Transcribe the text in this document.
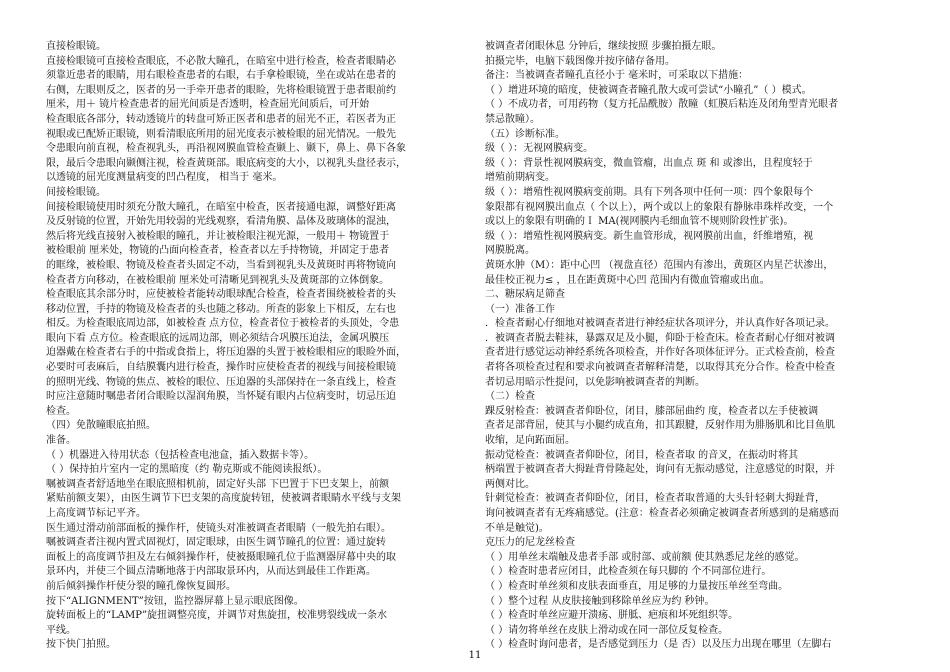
直接检眼镜。
直接检眼镜可直接检查眼底，不必散大瞳孔，在暗室中进行检查，检查者眼睛必
须靠近患者的眼睛，用右眼检查患者的右眼，右手拿检眼镜，坐在或站在患者的
右侧，左眼则反之，医者的另一手牵开患者的眼睑，先将检眼镜置于患者眼前约
厘米，用＋ 镜片检查患者的屈光间质是否透明，检查屈光间质后，可开始
检查眼底各部分，转动透镜片的转盘可矫正医者和患者的屈光不正，若医者为正
视眼或已配矫正眼镜，则看清眼底所用的屈光度表示被检眼的屈光情况。一般先
令患眼向前直视，检查视乳头，再沿视网膜血管检查颞上、颞下，鼻上、鼻下各象
限，最后令患眼向颞侧注视，检查黄斑部。眼底病变的大小，以视乳头盘径表示，
以透镜的屈光度测量病变的凹凸程度， 相当于 毫米。
间接检眼镜。
间接检眼镜使用时须充分散大瞳孔，在暗室中检查，医者接通电源，调整好距离
及反射镜的位置，开始先用较弱的光线观察，看清角膜、晶体及玻璃体的混浊，
然后将光线直接射入被检眼的瞳孔，并让被检眼注视光源，一般用＋ 物镜置于
被检眼前 厘米处，物镜的凸面向检查者，检查者以左手持物镜，并固定于患者
的眶缘，被检眼、物镜及检查者头固定不动，当看到视乳头及黄斑时再将物镜向
检查者方向移动，在被检眼前 厘米处可清晰见到视乳头及黄斑部的立体倒象。
检查眼底其余部分时，应使被检者能转动眼球配合检查，检查者围绕被检者的头
移动位置，手持的物镜及检查者的头也随之移动。所查的影象上下相反，左右也
相反。为检查眼底周边部，如被检查 点方位，检查者位于被检者的头顶处，令患
眼向下看 点方位。检查眼底的远周边部，则必须结合巩膜压迫法，金属巩膜压
迫器戴在检查者右手的中指或食指上，将压迫器的头置于被检眼相应的眼睑外面，
必要时可表麻后，自结膜囊内进行检查，操作时应使检查者的视线与间接检眼镜
的照明光线、物镜的焦点、被检的眼位、压迫器的头部保持在一条直线上，检查
时应注意随时嘱患者闭合眼睑以湿润角膜，当怀疑有眼内占位病变时，切忌压迫
检查。
（四）免散瞳眼底拍照。
准备。
（ ）机器进入待用状态（包括检查电池盒，插入数据卡等）。
（ ）保持拍片室内一定的黑暗度（约 勒克斯或不能阅读报纸）。
嘱被调查者舒适地坐在眼底照相机前，固定好头部 下巴置于下巴支架上，前额
紧贴前额支架），由医生调节下巴支架的高度旋转钮，使被调者眼睛水平线与支架
上高度调节标记平齐。
医生通过滑动前部面板的操作杆，使镜头对准被调查者眼睛（一般先拍右眼）。
嘱被调查者注视内置式固视灯，固定眼球，由医生调节瞳孔的位置：通过旋转
面板上的高度调节担及左右倾斜操作杆，使被摄眼瞳孔位于监测器屏幕中央的取
景环内，并使三个圆点清晰地落于内部取景环内，从而达到最佳工作距离。
前后倾斜操作杆使分裂的瞳孔像恢复圆形。
按下“ALIGNMENT”按钮，监控器屏幕上显示眼底图像。
旋转面板上的“LAMP”旋扭调整亮度，并调节对焦旋扭，校准劈裂线成一条水
平线。
按下快门拍照。
被调查者闭眼休息 分钟后，继续按照 步骤拍摄左眼。
拍摄完毕，电脑下载图像并按序储存备用。
备注：当被调查者瞳孔直径小于 毫米时，可采取以下措施：
（ ）增进环境的暗度，使被调查者瞳孔散大或可尝试“小瞳孔”（ ）模式。
（ ）不成功者，可用药物（复方托品酰胺）散瞳（虹膜后粘连及闭角型青光眼者
禁忌散瞳）。
（五）诊断标准。
级（ ）：无视网膜病变。
级（ ）：背景性视网膜病变，微血管瘤，出血点 斑 和 或渗出，且程度轻于
增殖前期病变。
级（ ）：增殖性视网膜病变前期。具有下列各项中任何一项：四个象限每个
象限都有视网膜出血点（ 个以上），两个或以上的象限有静脉串珠样改变，一个
或以上的象限有明确的Ｉ MA(视网膜内毛细血管不规则阶段性扩张)。
级（ ）：增殖性视网膜病变。新生血管形成，视网膜前出血，纤维增殖，视
网膜脱离。
黄斑水肿（M）：距中心凹 （视盘直径）范围内有渗出，黄斑区内星芒状渗出，
最佳校正视力≤ ，且在距黄斑中心凹 范围内有微血管瘤或出血。
二、糖尿病足筛查
（一）准备工作
．检查者耐心仔细地对被调查者进行神经症状各项评分，并认真作好各项记录。
．被调查者脱去鞋袜，暴露双足及小腿，仰卧于检查床。检查者耐心仔细对被调
查者进行感觉运动神经系统各项检查，并作好各项体征评分。正式检查前，检查
者将各项检查过程和要求向被调查者解释清楚，以取得其充分合作。检查中检查
者切忌用暗示性提问，以免影响被调查者的判断。
（二）检查
踝反射检查：被调查者仰卧位，闭目，膝部屈曲约 度，检查者以左手使被调
查者足部背屈，使其与小腿约成直角，扣其跟腱，反射作用为腓肠肌和比目鱼肌
收缩，足向跖面屈。
振动觉检查：被调查者仰卧位，闭目，检查者取 的音叉，在振动时将其
柄端置于被调查者大拇趾背骨隆起处，询问有无振动感觉，注意感觉的时限，并
两侧对比。
针刺觉检查：被调查者仰卧位，闭目，检查者取普通的大头针轻刺大拇趾背，
询问被调查者有无疼痛感觉。(注意：检查者必须确定被调查者所感到的是痛感而
不单是触觉)。
克压力的尼龙丝检查
（ ）用单丝末端触及患者手部 或肘部、或前额 使其熟悉尼龙丝的感觉。
（ ）检查时患者应闭目，此检查须在每只脚的 个不同部位进行。
（ ）检查时单丝须和皮肤表面垂直，用足够的力量按压单丝至弯曲。
（ ）整个过程 从皮肤接触到移除单丝应为约 秒钟。
（ ）检查时单丝应避开溃疡、胼胝、疤痕和坏死组织等。
（ ）请勿将单丝在皮肤上滑动或在同一部位反复检查。
（ ）检查时询问患者，是否感觉到压力（是 否）以及压力出现在哪里（左脚右
11
